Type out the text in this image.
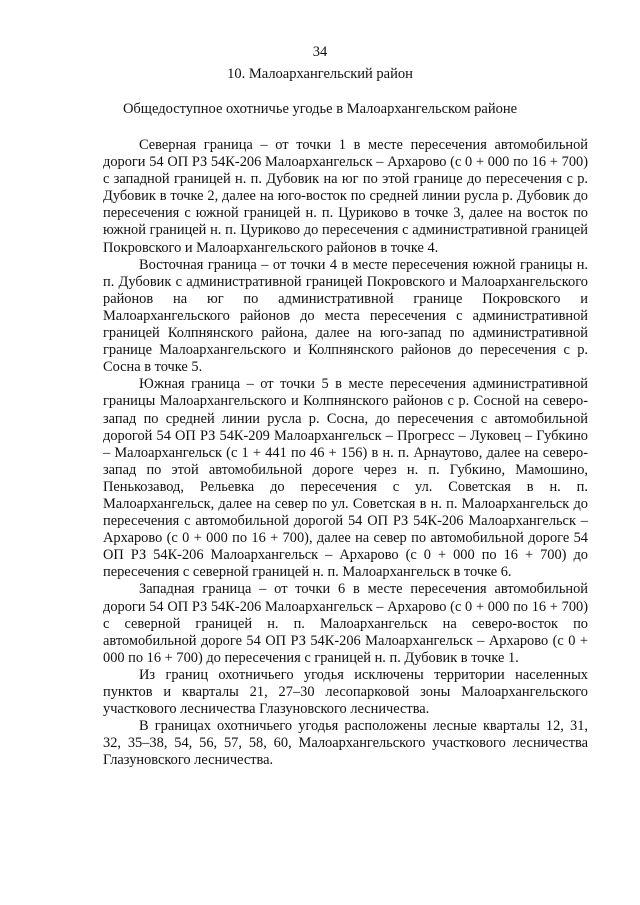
34
10. Малоархангельский район
Общедоступное охотничье угодье в Малоархангельском районе

Северная граница – от точки 1 в месте пересечения автомобильной дороги 54 ОП РЗ 54К-206 Малоархангельск – Архарово (с 0 + 000 по 16 + 700) с западной границей н. п. Дубовик на юг по этой границе до пересечения с р. Дубовик в точке 2, далее на юго-восток по средней линии русла р. Дубовик до пересечения с южной границей н. п. Цуриково в точке 3, далее на восток по южной границей н. п. Цуриково до пересечения с административной границей Покровского и Малоархангельского районов в точке 4.

Восточная граница – от точки 4 в месте пересечения южной границы н. п. Дубовик с административной границей Покровского и Малоархангельского районов на юг по административной границе Покровского и Малоархангельского районов до места пересечения с административной границей Колпнянского района, далее на юго-запад по административной границе Малоархангельского и Колпнянского районов до пересечения с р. Сосна в точке 5.

Южная граница – от точки 5 в месте пересечения административной границы Малоархангельского и Колпнянского районов с р. Сосной на северо-запад по средней линии русла р. Сосна, до пересечения с автомобильной дорогой 54 ОП РЗ 54К-209 Малоархангельск – Прогресс – Луковец – Губкино – Малоархангельск (с 1 + 441 по 46 + 156) в н. п. Арнаутово, далее на северо-запад по этой автомобильной дороге через н. п. Губкино, Мамошино, Пенькозавод, Рельевка до пересечения с ул. Советская в н. п. Малоархангельск, далее на север по ул. Советская в н. п. Малоархангельск до пересечения с автомобильной дорогой 54 ОП РЗ 54К-206 Малоархангельск – Архарово (с 0 + 000 по 16 + 700), далее на север по автомобильной дороге 54 ОП РЗ 54К-206 Малоархангельск – Архарово (с 0 + 000 по 16 + 700) до пересечения с северной границей н. п. Малоархангельск в точке 6.

Западная граница – от точки 6 в месте пересечения автомобильной дороги 54 ОП РЗ 54К-206 Малоархангельск – Архарово (с 0 + 000 по 16 + 700) с северной границей н. п. Малоархангельск на северо-восток по автомобильной дороге 54 ОП РЗ 54К-206 Малоархангельск – Архарово (с 0 + 000 по 16 + 700) до пересечения с границей н. п. Дубовик в точке 1.

Из границ охотничьего угодья исключены территории населенных пунктов и кварталы 21, 27–30 лесопарковой зоны Малоархангельского участкового лесничества Глазуновского лесничества.

В границах охотничьего угодья расположены лесные кварталы 12, 31, 32, 35–38, 54, 56, 57, 58, 60, Малоархангельского участкового лесничества Глазуновского лесничества.
